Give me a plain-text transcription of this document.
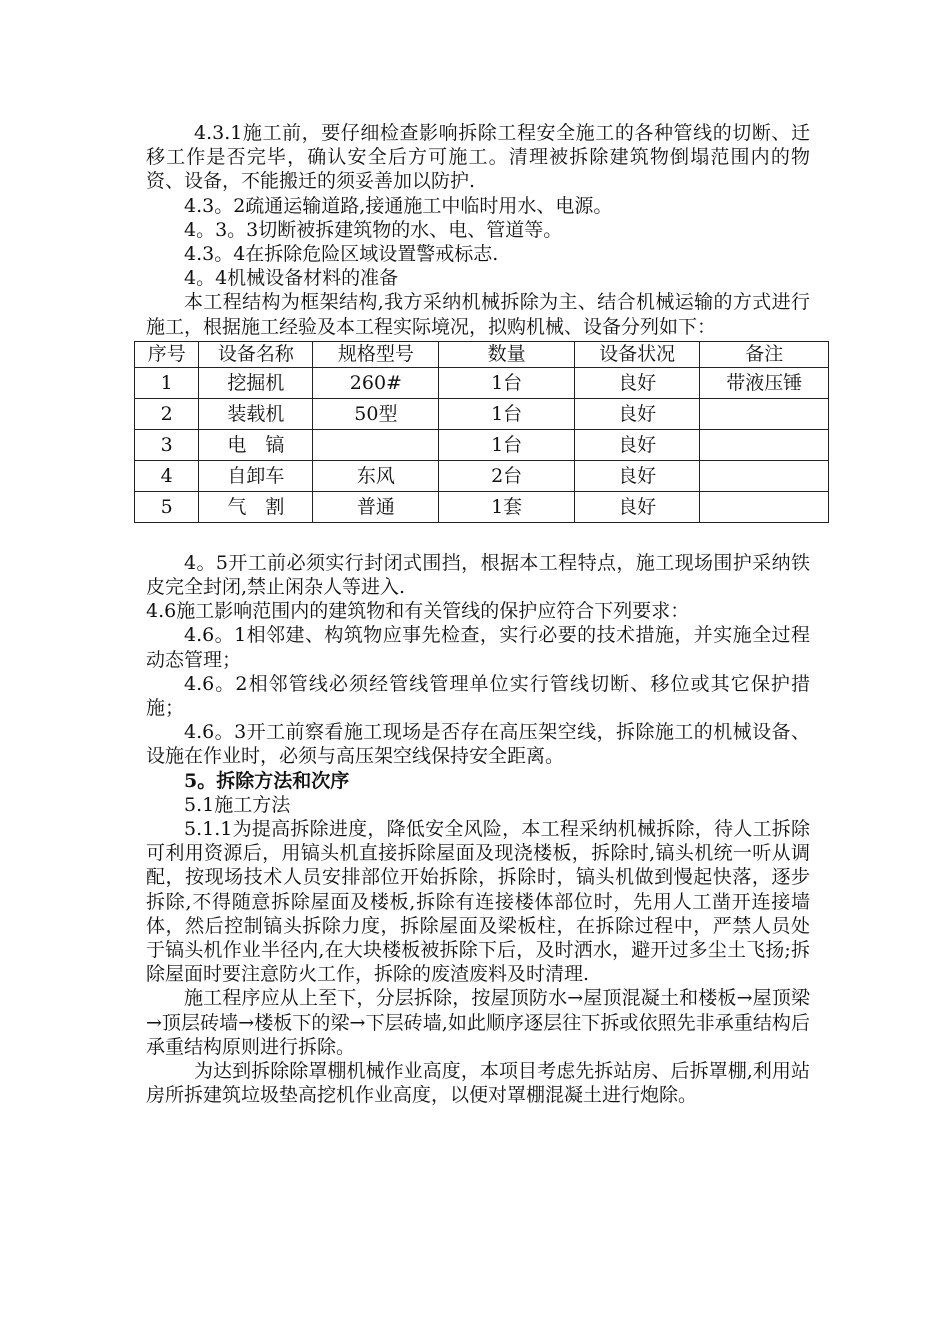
4.3.1施工前，要仔细检查影响拆除工程安全施工的各种管线的切断、迁移工作是否完毕，确认安全后方可施工。清理被拆除建筑物倒塌范围内的物资、设备，不能搬迁的须妥善加以防护.

4.3。2疏通运输道路,接通施工中临时用水、电源。

4。3。3切断被拆建筑物的水、电、管道等。

4.3。4在拆除危险区域设置警戒标志.

4。4机械设备材料的准备

本工程结构为框架结构,我方采纳机械拆除为主、结合机械运输的方式进行施工，根据施工经验及本工程实际境况，拟购机械、设备分列如下：

序号	设备名称	规格型号	数量	设备状况	备注
1	挖掘机	260#	1台	良好	带液压锤
2	装载机	50型	1台	良好	
3	电　镐		1台	良好	
4	自卸车	东风	2台	良好	
5	气　割	普通	1套	良好	

4。5开工前必须实行封闭式围挡，根据本工程特点，施工现场围护采纳铁皮完全封闭,禁止闲杂人等进入.

4.6施工影响范围内的建筑物和有关管线的保护应符合下列要求：

4.6。1相邻建、构筑物应事先检查，实行必要的技术措施，并实施全过程动态管理；

4.6。2相邻管线必须经管线管理单位实行管线切断、移位或其它保护措施；

4.6。3开工前察看施工现场是否存在高压架空线，拆除施工的机械设备、设施在作业时，必须与高压架空线保持安全距离。

5。拆除方法和次序

5.1施工方法

5.1.1为提高拆除进度，降低安全风险，本工程采纳机械拆除，待人工拆除可利用资源后，用镐头机直接拆除屋面及现浇楼板，拆除时,镐头机统一听从调配，按现场技术人员安排部位开始拆除，拆除时，镐头机做到慢起快落，逐步拆除,不得随意拆除屋面及楼板,拆除有连接楼体部位时，先用人工凿开连接墙体，然后控制镐头拆除力度，拆除屋面及梁板柱，在拆除过程中，严禁人员处于镐头机作业半径内,在大块楼板被拆除下后，及时洒水，避开过多尘土飞扬;拆除屋面时要注意防火工作，拆除的废渣废料及时清理.

施工程序应从上至下，分层拆除，按屋顶防水→屋顶混凝土和楼板→屋顶梁→顶层砖墙→楼板下的梁→下层砖墙,如此顺序逐层往下拆或依照先非承重结构后承重结构原则进行拆除。

为达到拆除除罩棚机械作业高度，本项目考虑先拆站房、后拆罩棚,利用站房所拆建筑垃圾垫高挖机作业高度，以便对罩棚混凝土进行炮除。
